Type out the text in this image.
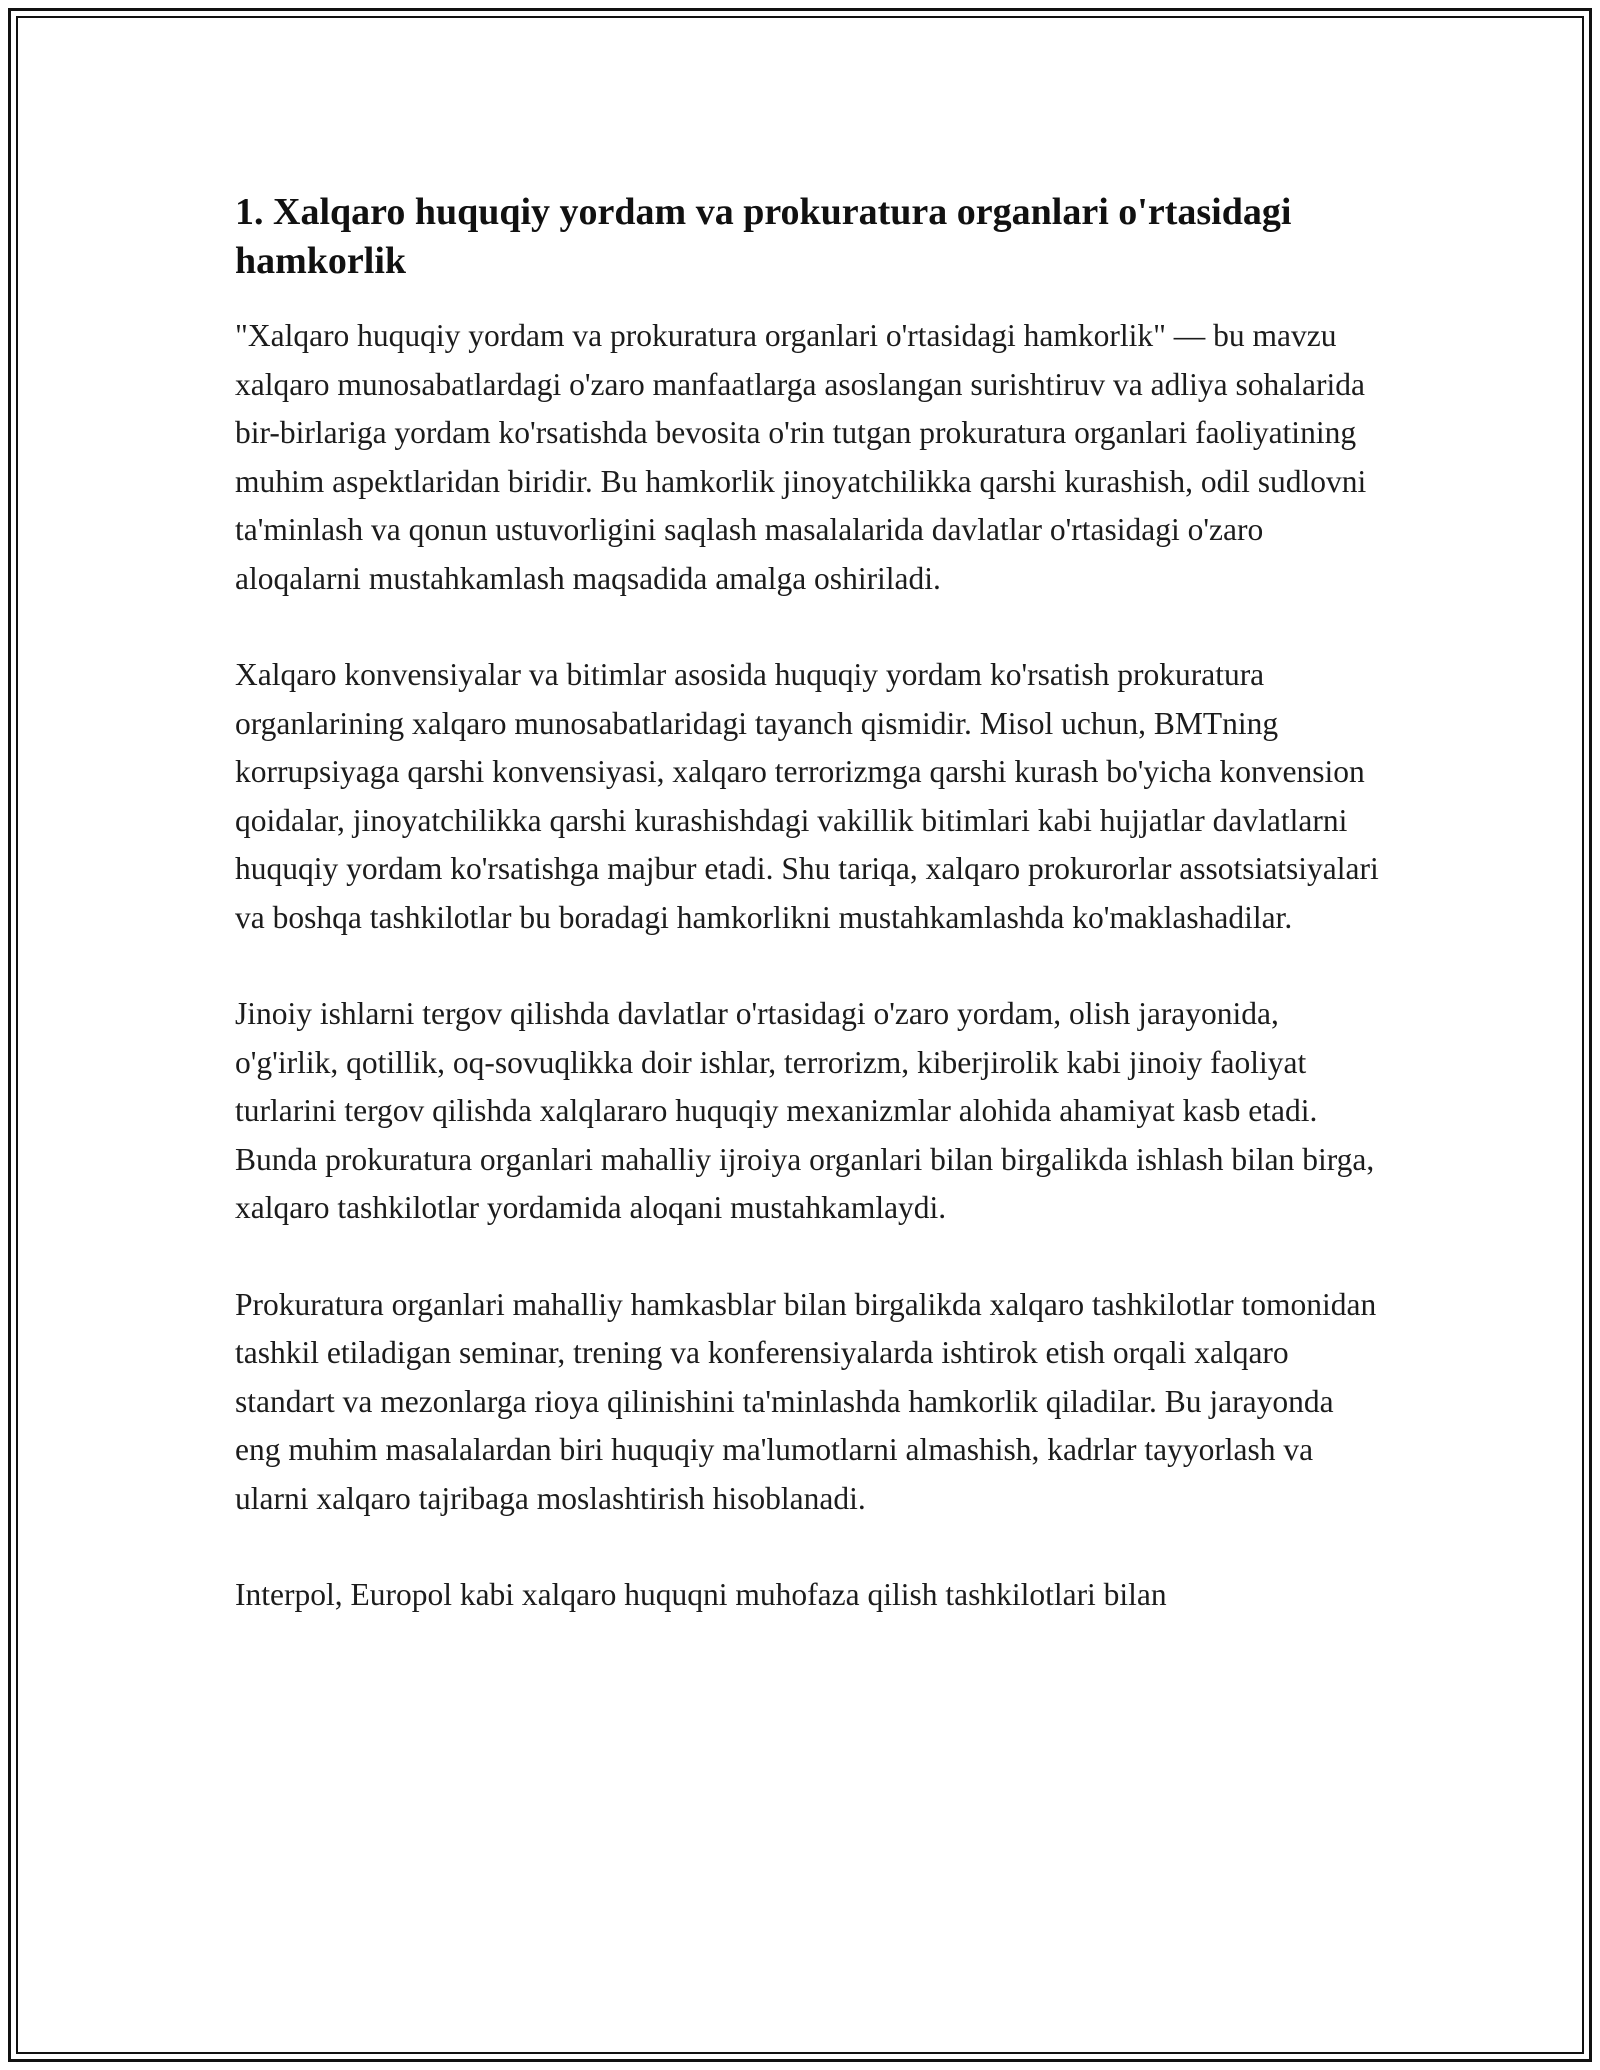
1. Xalqaro huquqiy yordam va prokuratura organlari o'rtasidagi hamkorlik

"Xalqaro huquqiy yordam va prokuratura organlari o'rtasidagi hamkorlik" — bu mavzu xalqaro munosabatlardagi o'zaro manfaatlarga asoslangan surishtiruv va adliya sohalarida bir-birlariga yordam ko'rsatishda bevosita o'rin tutgan prokuratura organlari faoliyatining muhim aspektlaridan biridir. Bu hamkorlik jinoyatchilikka qarshi kurashish, odil sudlovni ta'minlash va qonun ustuvorligini saqlash masalalarida davlatlar o'rtasidagi o'zaro aloqalarni mustahkamlash maqsadida amalga oshiriladi.

Xalqaro konvensiyalar va bitimlar asosida huquqiy yordam ko'rsatish prokuratura organlarining xalqaro munosabatlaridagi tayanch qismidir. Misol uchun, BMTning korrupsiyaga qarshi konvensiyasi, xalqaro terrorizmga qarshi kurash bo'yicha konvension qoidalar, jinoyatchilikka qarshi kurashishdagi vakillik bitimlari kabi hujjatlar davlatlarni huquqiy yordam ko'rsatishga majbur etadi. Shu tariqa, xalqaro prokurorlar assotsiatsiyalari va boshqa tashkilotlar bu boradagi hamkorlikni mustahkamlashda ko'maklashadilar.

Jinoiy ishlarni tergov qilishda davlatlar o'rtasidagi o'zaro yordam, olish jarayonida, o'g'irlik, qotillik, oq-sovuqlikka doir ishlar, terrorizm, kiberjirolik kabi jinoiy faoliyat turlarini tergov qilishda xalqlararo huquqiy mexanizmlar alohida ahamiyat kasb etadi. Bunda prokuratura organlari mahalliy ijroiya organlari bilan birgalikda ishlash bilan birga, xalqaro tashkilotlar yordamida aloqani mustahkamlaydi.

Prokuratura organlari mahalliy hamkasblar bilan birgalikda xalqaro tashkilotlar tomonidan tashkil etiladigan seminar, trening va konferensiyalarda ishtirok etish orqali xalqaro standart va mezonlarga rioya qilinishini ta'minlashda hamkorlik qiladilar. Bu jarayonda eng muhim masalalardan biri huquqiy ma'lumotlarni almashish, kadrlar tayyorlash va ularni xalqaro tajribaga moslashtirish hisoblanadi.

Interpol, Europol kabi xalqaro huquqni muhofaza qilish tashkilotlari bilan
